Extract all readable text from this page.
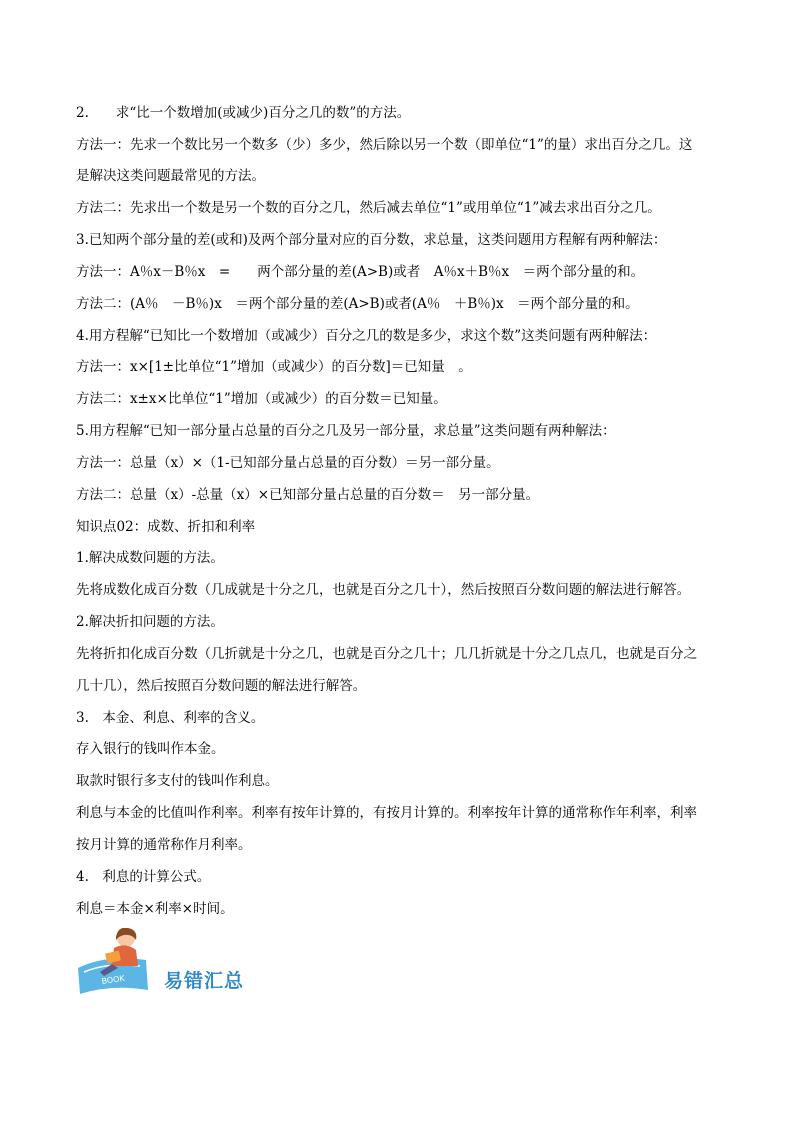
2.　　求“比一个数增加(或减少)百分之几的数”的方法。
方法一：先求一个数比另一个数多（少）多少，然后除以另一个数（即单位“1”的量）求出百分之几。这
是解决这类问题最常见的方法。
方法二：先求出一个数是另一个数的百分之几，然后减去单位“1”或用单位“1”减去求出百分之几。
3.已知两个部分量的差(或和)及两个部分量对应的百分数，求总量，这类问题用方程解有两种解法：
方法一：A％x－B％x　=　　两个部分量的差(A>B)或者　A％x＋B％x　＝两个部分量的和。
方法二：(A％　－B％)x　＝两个部分量的差(A>B)或者(A％　＋B％)x　＝两个部分量的和。
4.用方程解“已知比一个数增加（或减少）百分之几的数是多少，求这个数”这类问题有两种解法：
方法一：x×[1±比单位“1”增加（或减少）的百分数]＝已知量　。
方法二：x±x×比单位“1”增加（或减少）的百分数＝已知量。
5.用方程解“已知一部分量占总量的百分之几及另一部分量，求总量”这类问题有两种解法：
方法一：总量（x）×（1-已知部分量占总量的百分数）＝另一部分量。
方法二：总量（x）-总量（x）×已知部分量占总量的百分数＝　另一部分量。
知识点02：成数、折扣和利率
1.解决成数问题的方法。
先将成数化成百分数（几成就是十分之几，也就是百分之几十），然后按照百分数问题的解法进行解答。
2.解决折扣问题的方法。
先将折扣化成百分数（几折就是十分之几，也就是百分之几十；几几折就是十分之几点几，也就是百分之
几十几），然后按照百分数问题的解法进行解答。
3.　本金、利息、利率的含义。
存入银行的钱叫作本金。
取款时银行多支付的钱叫作利息。
利息与本金的比值叫作利率。利率有按年计算的，有按月计算的。利率按年计算的通常称作年利率，利率
按月计算的通常称作月利率。
4.　利息的计算公式。
利息＝本金×利率×时间。
BOOK 易错汇总
